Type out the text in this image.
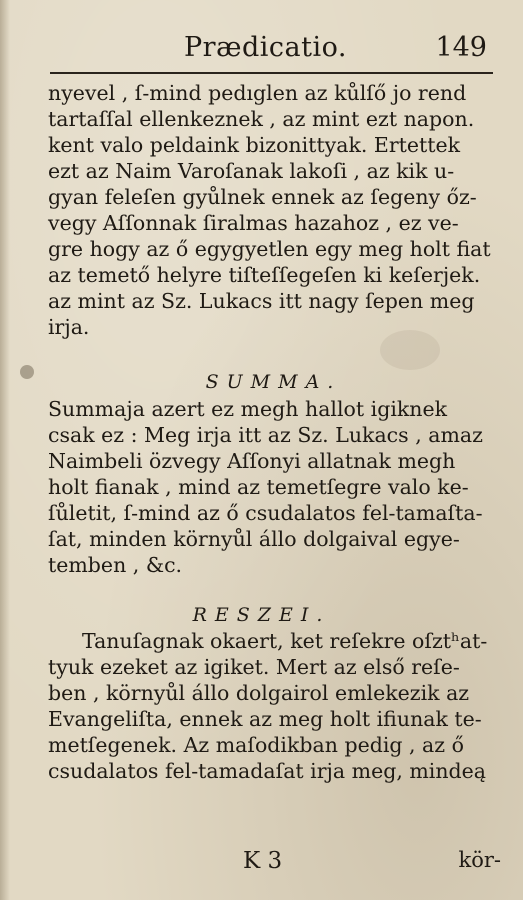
Prædicatio.	149
nyevel , ſ-mind pedıglen az kůlſő jo rend
tartaſſal ellenkeznek , az mint ezt napon.
kent valo peldaink bizonittyak. Ertettek
ezt az Naim Varoſanak lakoſi , az kik u-
gyan feleſen gyůlnek ennek az ſegeny őz-
vegy Aſſonnak ſiralmas hazahoz , ez ve-
gre hogy az ő egygyetlen egy meg holt fiat
az temető helyre tiſteſſegeſen ki keſerjek.
az mint az Sz. Lukacs itt nagy ſepen meg
irja.
SUMMA.
Summaja azert ez megh hallot igiknek
csak ez : Meg irja itt az Sz. Lukacs , amaz
Naimbeli özvegy Aſſonyi allatnak megh
holt fianak , mind az temetſegre valo ke-
ſůletit, ſ-mind az ő csudalatos fel-tamaſta-
ſat, minden környůl állo dolgaival egye-
temben , &c.
RESZEI.
Tanuſagnak okaert, ket reſekre oſztʰat-
tyuk ezeket az igiket. Mert az első reſe-
ben , környůl állo dolgairol emlekezik az
Evangeliſta, ennek az meg holt ifiunak te-
metſegenek. Az maſodikban pedig , az ő
csudalatos fel-tamadaſat irja meg, mindeą
K 3	kör-
